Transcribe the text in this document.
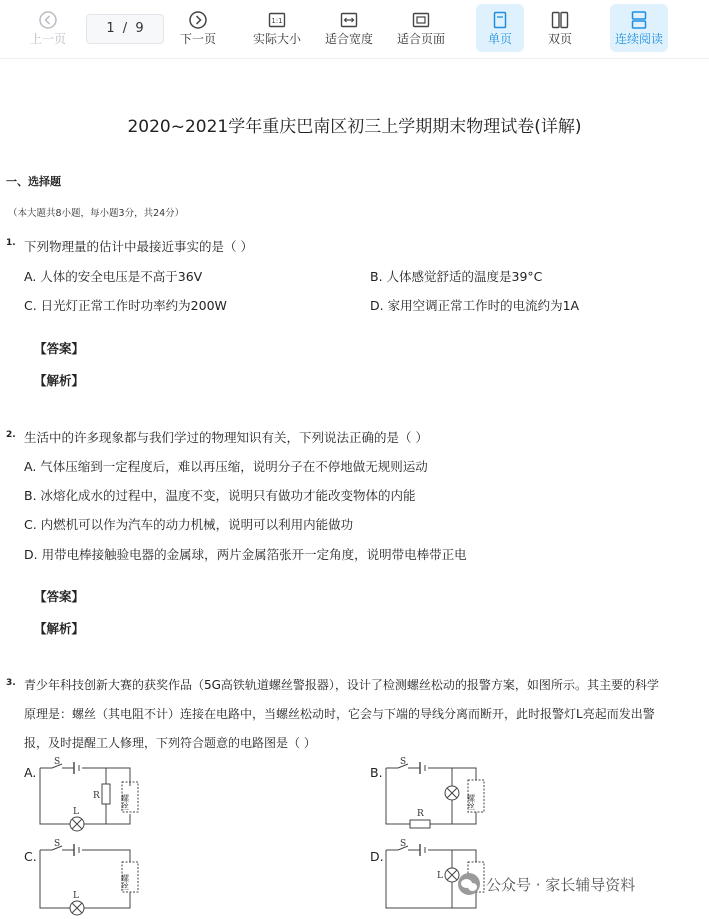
上一页
1 / 9
下一页
1:1
实际大小	适合宽度	适合页面	单页	双页	连续阅读
2020~2021学年重庆巴南区初三上学期期末物理试卷(详解)
一、选择题
（本大题共8小题，每小题3分，共24分）
1. 下列物理量的估计中最接近事实的是（ ）
A. 人体的安全电压是不高于36V	B. 人体感觉舒适的温度是39°C
C. 日光灯正常工作时功率约为200W	D. 家用空调正常工作时的电流约为1A
【答案】
【解析】
2. 生活中的许多现象都与我们学过的物理知识有关，下列说法正确的是（ ）
A. 气体压缩到一定程度后，难以再压缩，说明分子在不停地做无规则运动
B. 冰熔化成水的过程中，温度不变，说明只有做功才能改变物体的内能
C. 内燃机可以作为汽车的动力机械，说明可以利用内能做功
D. 用带电棒接触验电器的金属球，两片金属箔张开一定角度，说明带电棒带正电
【答案】
【解析】
3. 青少年科技创新大赛的获奖作品（5G高铁轨道螺丝警报器），设计了检测螺丝松动的报警方案，如图所示。其主要的科学
原理是：螺丝（其电阻不计）连接在电路中，当螺丝松动时，它会与下端的导线分离而断开，此时报警灯L亮起而发出警
报，及时提醒工人修理，下列符合题意的电路图是（ ）
A.
S
R
L
螺丝
B.
S
R
螺丝
C.
S
L
螺丝
D.
S
L	公众号 · 家长辅导资料
